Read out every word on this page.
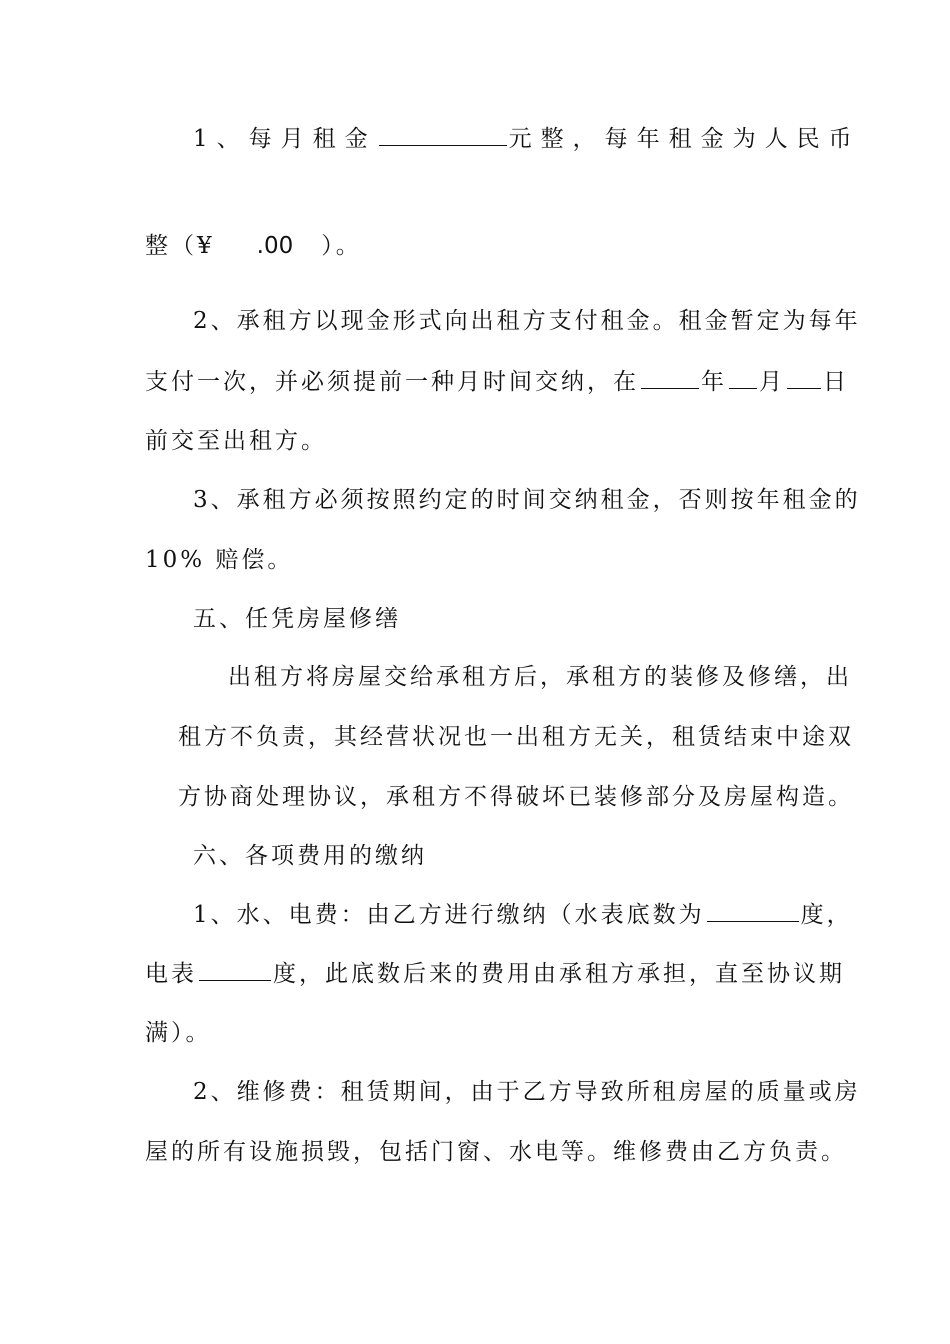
1、每月租金	元整，每年租金为人民币
整（¥ .00 ）。
2、承租方以现金形式向出租方支付租金。租金暂定为每年
支付一次，并必须提前一种月时间交纳，在	年 月 日
前交至出租方。
3、承租方必须按照约定的时间交纳租金，否则按年租金的
10% 赔偿。
五、任凭房屋修缮
出租方将房屋交给承租方后，承租方的装修及修缮，出
租方不负责，其经营状况也一出租方无关，租赁结束中途双
方协商处理协议，承租方不得破坏已装修部分及房屋构造。
六、各项费用的缴纳
1、水、电费：由乙方进行缴纳（水表底数为	度，
电表	度，此底数后来的费用由承租方承担，直至协议期
满）。
2、维修费：租赁期间，由于乙方导致所租房屋的质量或房
屋的所有设施损毁，包括门窗、水电等。维修费由乙方负责。
